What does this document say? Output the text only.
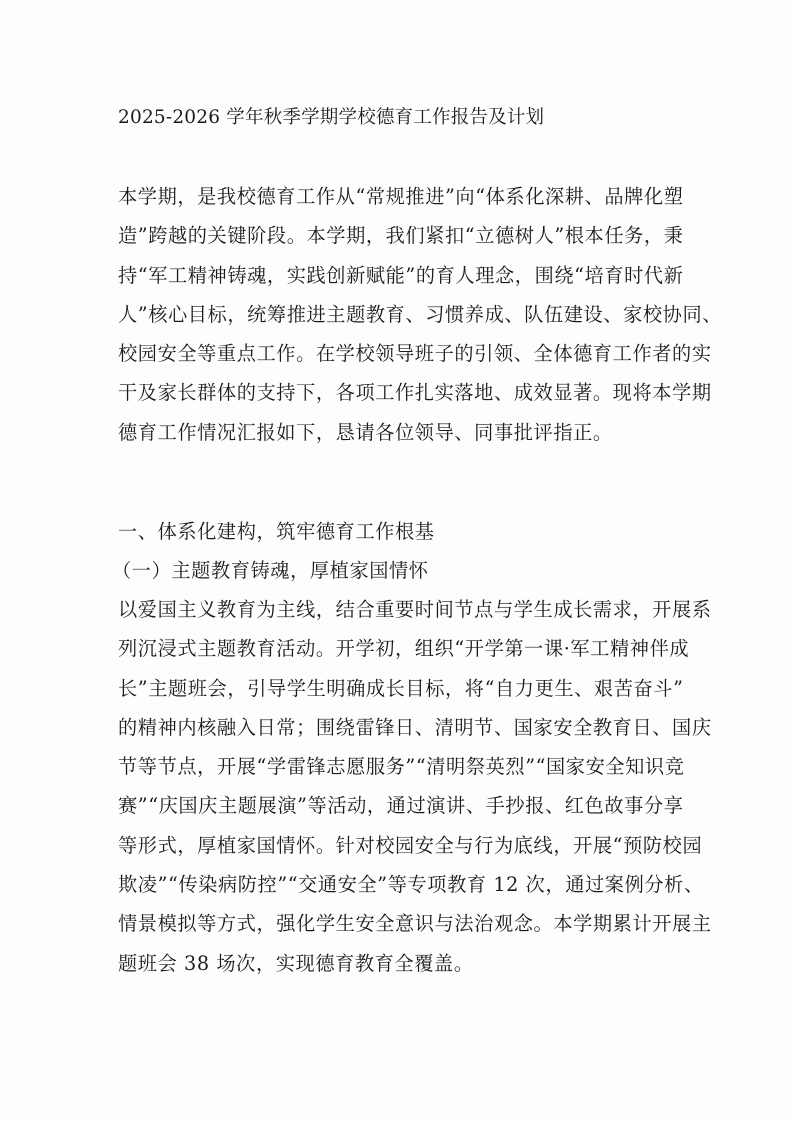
2025-2026 学年秋季学期学校德育工作报告及计划
本学期，是我校德育工作从“常规推进”向“体系化深耕、品牌化塑
造”跨越的关键阶段。本学期，我们紧扣“立德树人”根本任务，秉
持“军工精神铸魂，实践创新赋能”的育人理念，围绕“培育时代新
人”核心目标，统筹推进主题教育、习惯养成、队伍建设、家校协同、
校园安全等重点工作。在学校领导班子的引领、全体德育工作者的实
干及家长群体的支持下，各项工作扎实落地、成效显著。现将本学期
德育工作情况汇报如下，恳请各位领导、同事批评指正。
一、体系化建构，筑牢德育工作根基
（一）主题教育铸魂，厚植家国情怀
以爱国主义教育为主线，结合重要时间节点与学生成长需求，开展系
列沉浸式主题教育活动。开学初，组织“开学第一课·军工精神伴成
长”主题班会，引导学生明确成长目标，将“自力更生、艰苦奋斗”
的精神内核融入日常；围绕雷锋日、清明节、国家安全教育日、国庆
节等节点，开展“学雷锋志愿服务”“清明祭英烈”“国家安全知识竞
赛”“庆国庆主题展演”等活动，通过演讲、手抄报、红色故事分享
等形式，厚植家国情怀。针对校园安全与行为底线，开展“预防校园
欺凌”“传染病防控”“交通安全”等专项教育 12 次，通过案例分析、
情景模拟等方式，强化学生安全意识与法治观念。本学期累计开展主
题班会 38 场次，实现德育教育全覆盖。
